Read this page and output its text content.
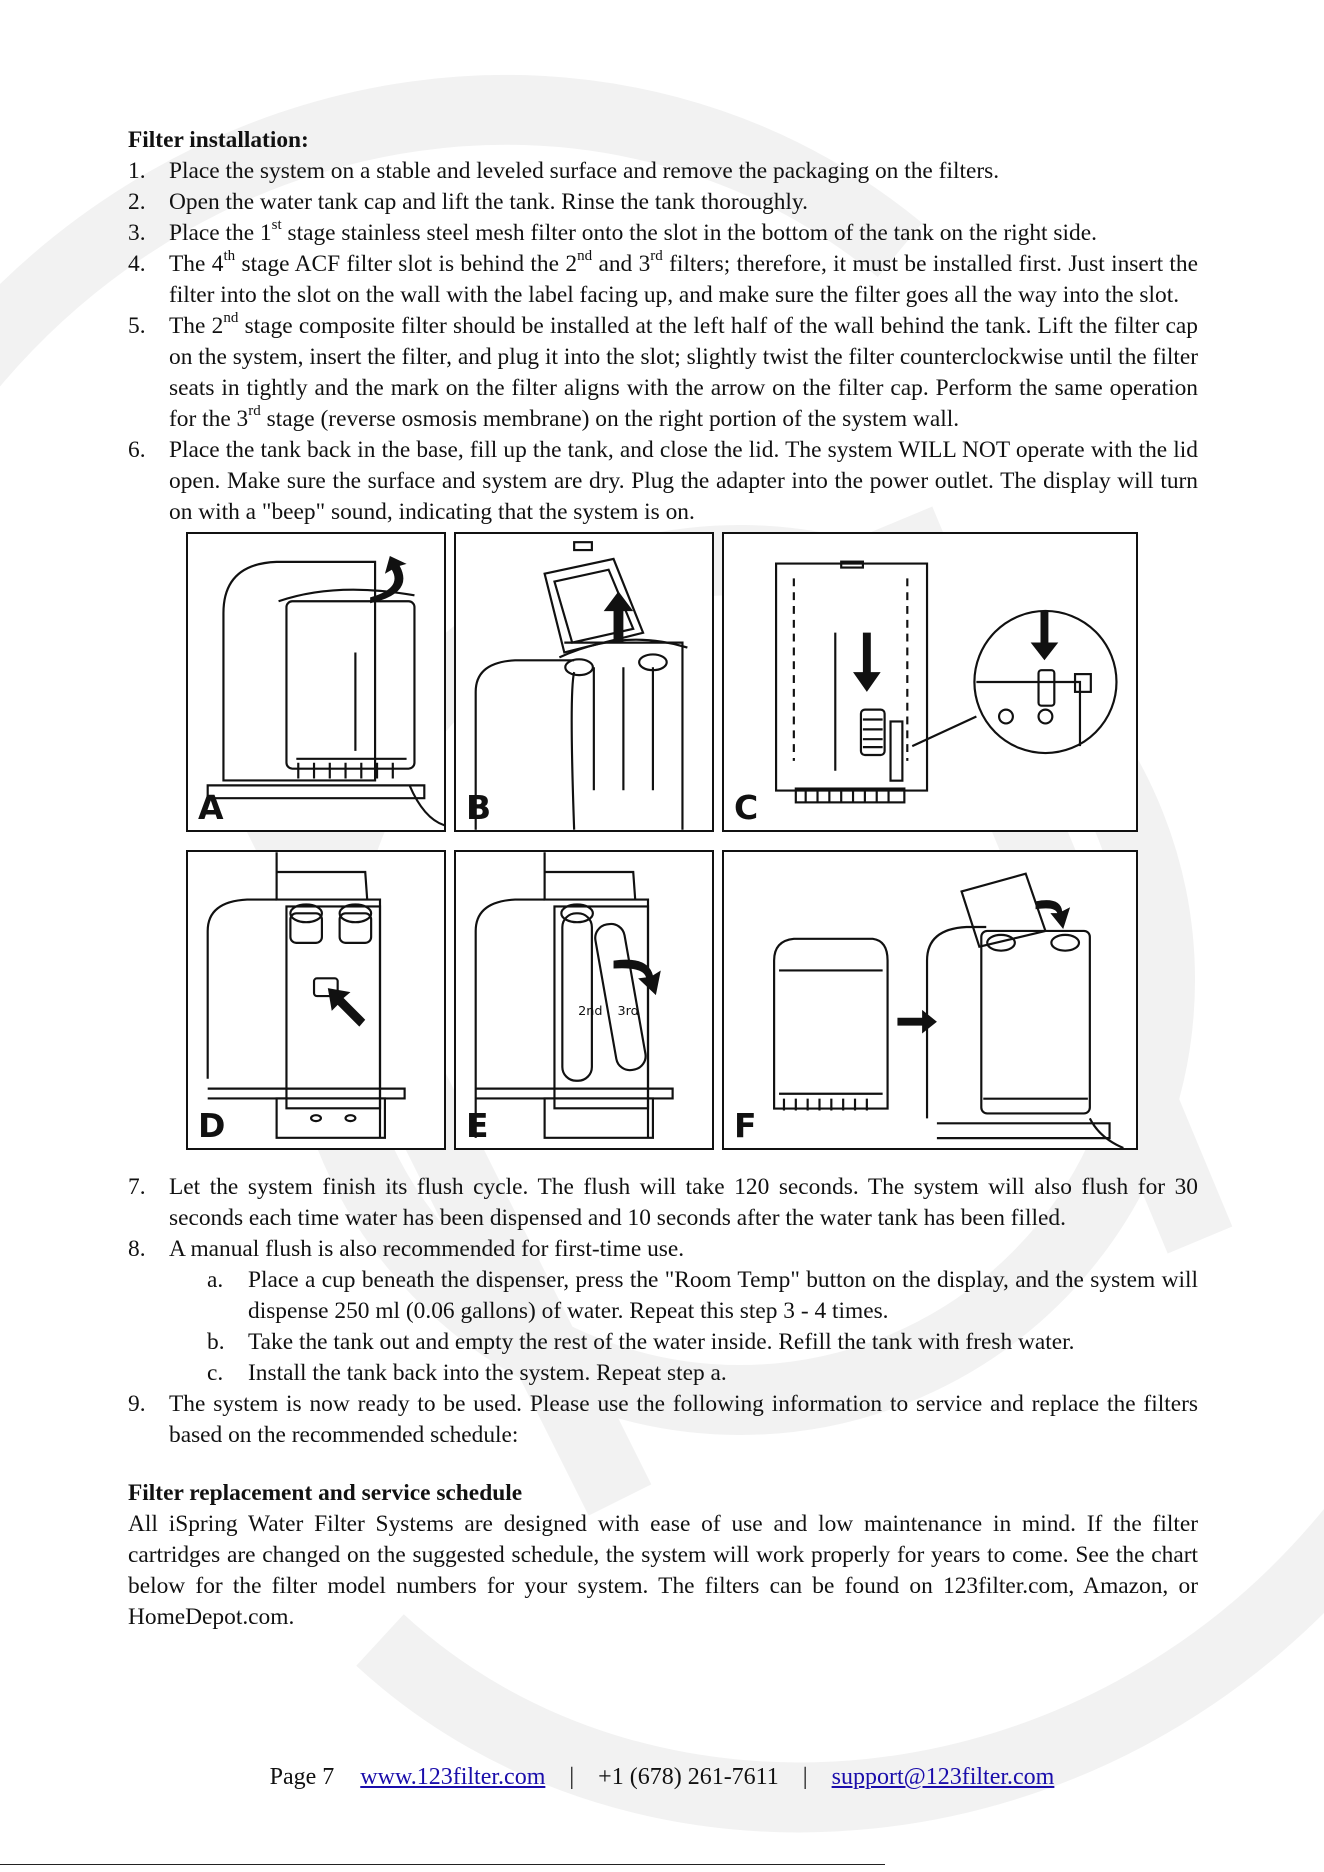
Filter installation:

1. Place the system on a stable and leveled surface and remove the packaging on the filters.
2. Open the water tank cap and lift the tank. Rinse the tank thoroughly.
3. Place the 1st stage stainless steel mesh filter onto the slot in the bottom of the tank on the right side.
4. The 4th stage ACF filter slot is behind the 2nd and 3rd filters; therefore, it must be installed first. Just insert the filter into the slot on the wall with the label facing up, and make sure the filter goes all the way into the slot.
5. The 2nd stage composite filter should be installed at the left half of the wall behind the tank. Lift the filter cap on the system, insert the filter, and plug it into the slot; slightly twist the filter counterclockwise until the filter seats in tightly and the mark on the filter aligns with the arrow on the filter cap. Perform the same operation for the 3rd stage (reverse osmosis membrane) on the right portion of the system wall.
6. Place the tank back in the base, fill up the tank, and close the lid. The system WILL NOT operate with the lid open. Make sure the surface and system are dry. Plug the adapter into the power outlet. The display will turn on with a "beep" sound, indicating that the system is on.
A	B	C
D
2nd 3rd
E	F
7. Let the system finish its flush cycle. The flush will take 120 seconds. The system will also flush for 30 seconds each time water has been dispensed and 10 seconds after the water tank has been filled.
8. A manual flush is also recommended for first-time use.
a. Place a cup beneath the dispenser, press the "Room Temp" button on the display, and the system will dispense 250 ml (0.06 gallons) of water. Repeat this step 3 - 4 times.
b. Take the tank out and empty the rest of the water inside. Refill the tank with fresh water.
c. Install the tank back into the system. Repeat step a.
9. The system is now ready to be used. Please use the following information to service and replace the filters based on the recommended schedule:

Filter replacement and service schedule

All iSpring Water Filter Systems are designed with ease of use and low maintenance in mind. If the filter cartridges are changed on the suggested schedule, the system will work properly for years to come. See the chart below for the filter model numbers for your system. The filters can be found on 123filter.com, Amazon, or HomeDepot.com.

Page 7 www.123filter.com | +1 (678) 261-7611 | support@123filter.com
